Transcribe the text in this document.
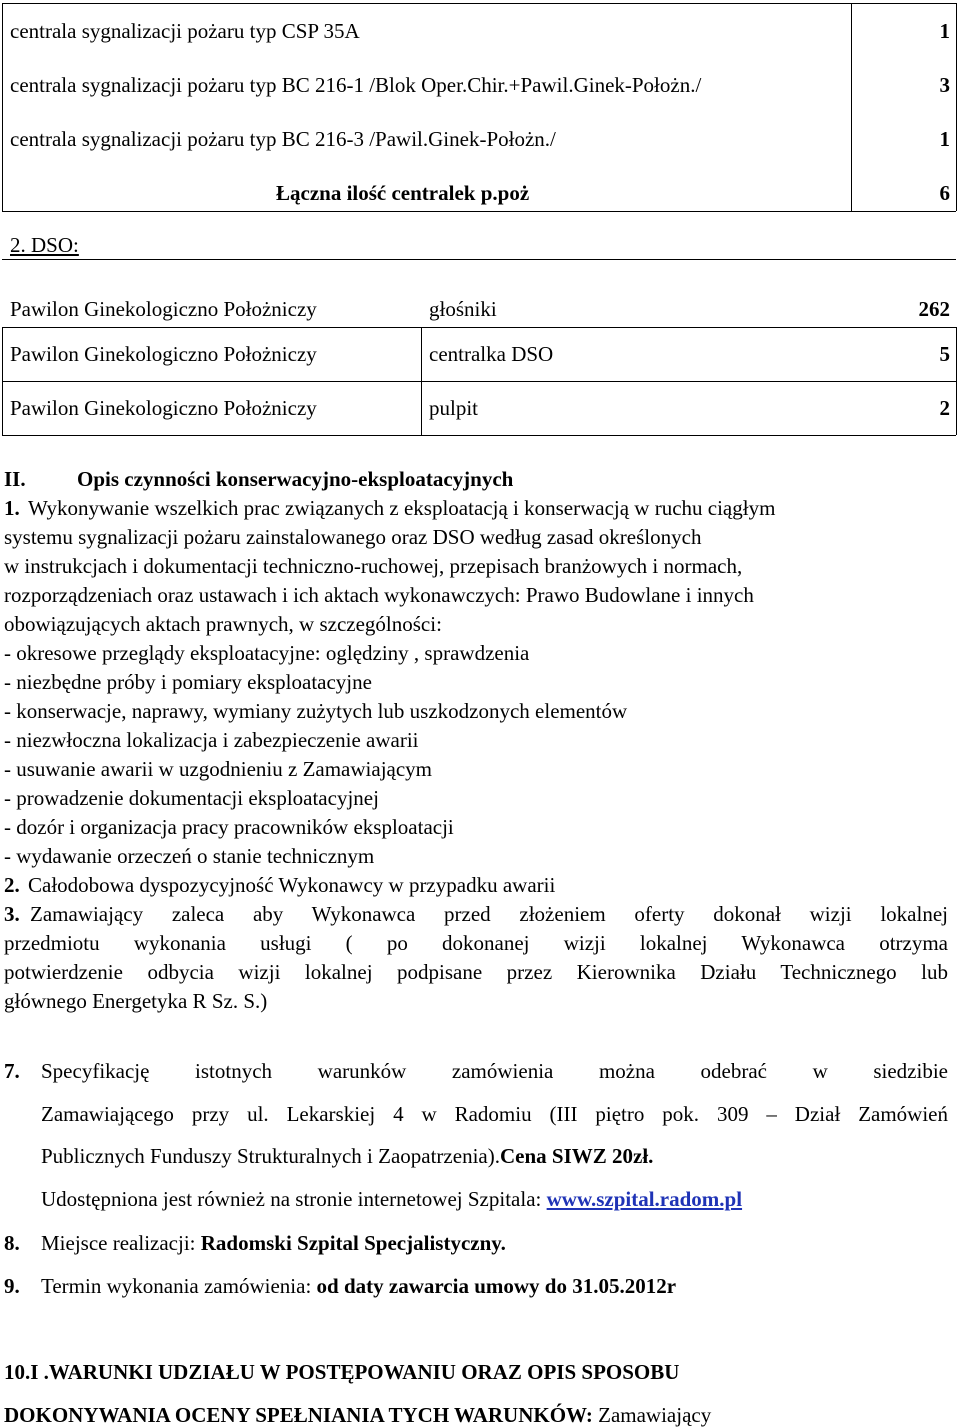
centrala sygnalizacji pożaru typ CSP 35A	1
centrala sygnalizacji pożaru typ BC 216-1 /Blok Oper.Chir.+Pawil.Ginek-Położn./	3
centrala sygnalizacji pożaru typ BC 216-3 /Pawil.Ginek-Położn./	1
Łączna ilość centralek p.poż	6
2. DSO:
Pawilon Ginekologiczno Położniczy	głośniki	262
Pawilon Ginekologiczno Położniczy	centralka DSO	5
Pawilon Ginekologiczno Położniczy	pulpit	2
II. Opis czynności konserwacyjno-eksploatacyjnych
1. Wykonywanie wszelkich prac związanych z eksploatacją i konserwacją w ruchu ciągłym
systemu sygnalizacji pożaru zainstalowanego oraz DSO według zasad określonych
w instrukcjach i dokumentacji techniczno-ruchowej, przepisach branżowych i normach,
rozporządzeniach oraz ustawach i ich aktach wykonawczych: Prawo Budowlane i innych
obowiązujących aktach prawnych, w szczególności:
- okresowe przeglądy eksploatacyjne: oględziny , sprawdzenia
- niezbędne próby i pomiary eksploatacyjne
- konserwacje, naprawy, wymiany zużytych lub uszkodzonych elementów
- niezwłoczna lokalizacja i zabezpieczenie awarii
- usuwanie awarii w uzgodnieniu z Zamawiającym
- prowadzenie dokumentacji eksploatacyjnej
- dozór i organizacja pracy pracowników eksploatacji
- wydawanie orzeczeń o stanie technicznym
2. Całodobowa dyspozycyjność Wykonawcy w przypadku awarii
3. Zamawiający zaleca aby Wykonawca przed złożeniem oferty dokonał wizji lokalnej
przedmiotu wykonania usługi ( po dokonanej wizji lokalnej Wykonawca otrzyma
potwierdzenie odbycia wizji lokalnej podpisane przez Kierownika Działu Technicznego lub
głównego Energetyka R Sz. S.)
7. Specyfikację istotnych warunków zamówienia można odebrać w siedzibie
Zamawiającego przy ul. Lekarskiej 4 w Radomiu (III piętro pok. 309 – Dział Zamówień
Publicznych Funduszy Strukturalnych i Zaopatrzenia).Cena SIWZ 20zł.
Udostępniona jest również na stronie internetowej Szpitala: www.szpital.radom.pl
8. Miejsce realizacji: Radomski Szpital Specjalistyczny.
9. Termin wykonania zamówienia: od daty zawarcia umowy do 31.05.2012r
10.I .WARUNKI UDZIAŁU W POSTĘPOWANIU ORAZ OPIS SPOSOBU
DOKONYWANIA OCENY SPEŁNIANIA TYCH WARUNKÓW: Zamawiający
